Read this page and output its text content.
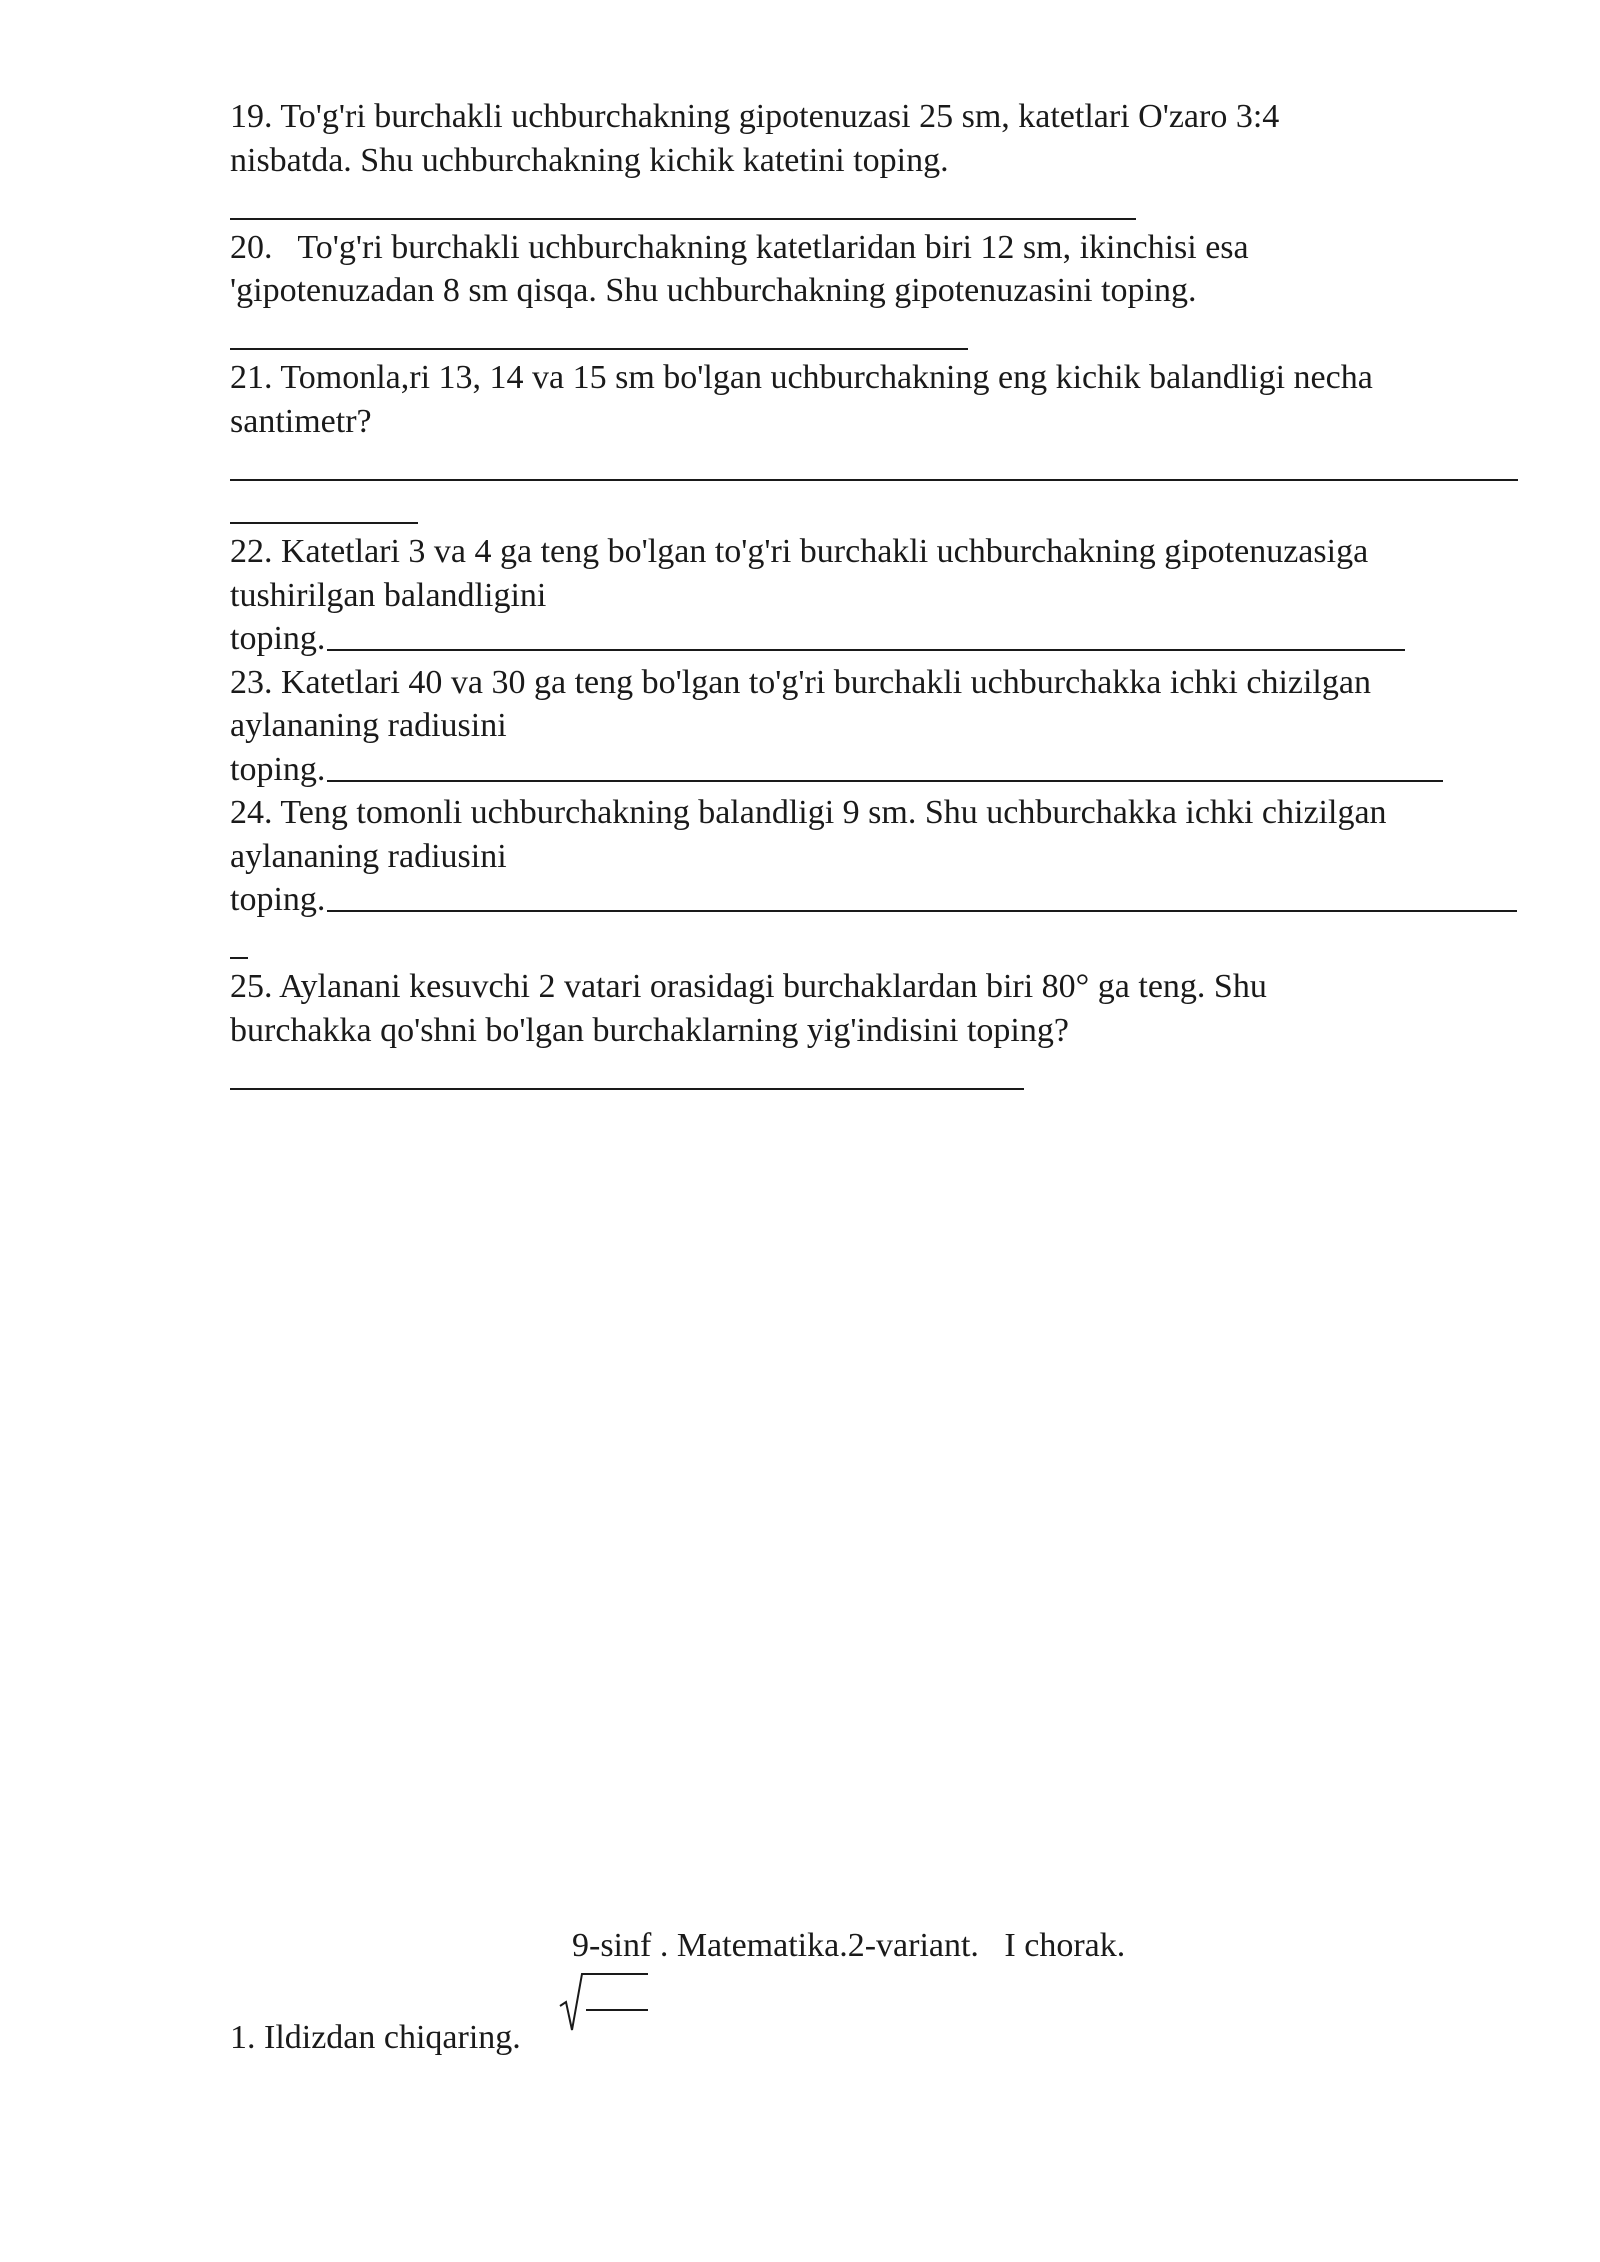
19. To'g'ri burchakli uchburchakning gipotenuzasi 25 sm, katetlari O'zaro 3:4

nisbatda. Shu uchburchakning kichik katetini toping.

20.   To'g'ri burchakli uchburchakning katetlaridan biri 12 sm, ikinchisi esa

'gipotenuzadan 8 sm qisqa. Shu uchburchakning gipotenuzasini toping.

21. Tomonla,ri 13, 14 va 15 sm bo'lgan uchburchakning eng kichik balandligi necha

santimetr?

22. Katetlari 3 va 4 ga teng bo'lgan to'g'ri burchakli uchburchakning gipotenuzasiga

tushirilgan balandligini

toping.

23. Katetlari 40 va 30 ga teng bo'lgan to'g'ri burchakli uchburchakka ichki chizilgan

aylananing radiusini

toping.

24. Teng tomonli uchburchakning balandligi 9 sm. Shu uchburchakka ichki chizilgan

aylananing radiusini

toping.

25. Aylanani kesuvchi 2 vatari orasidagi burchaklardan biri 80° ga teng. Shu

burchakka qo'shni bo'lgan burchaklarning yig'indisini toping?

9-sinf . Matematika.2-variant.   I chorak.
1. Ildizdan chiqaring.
